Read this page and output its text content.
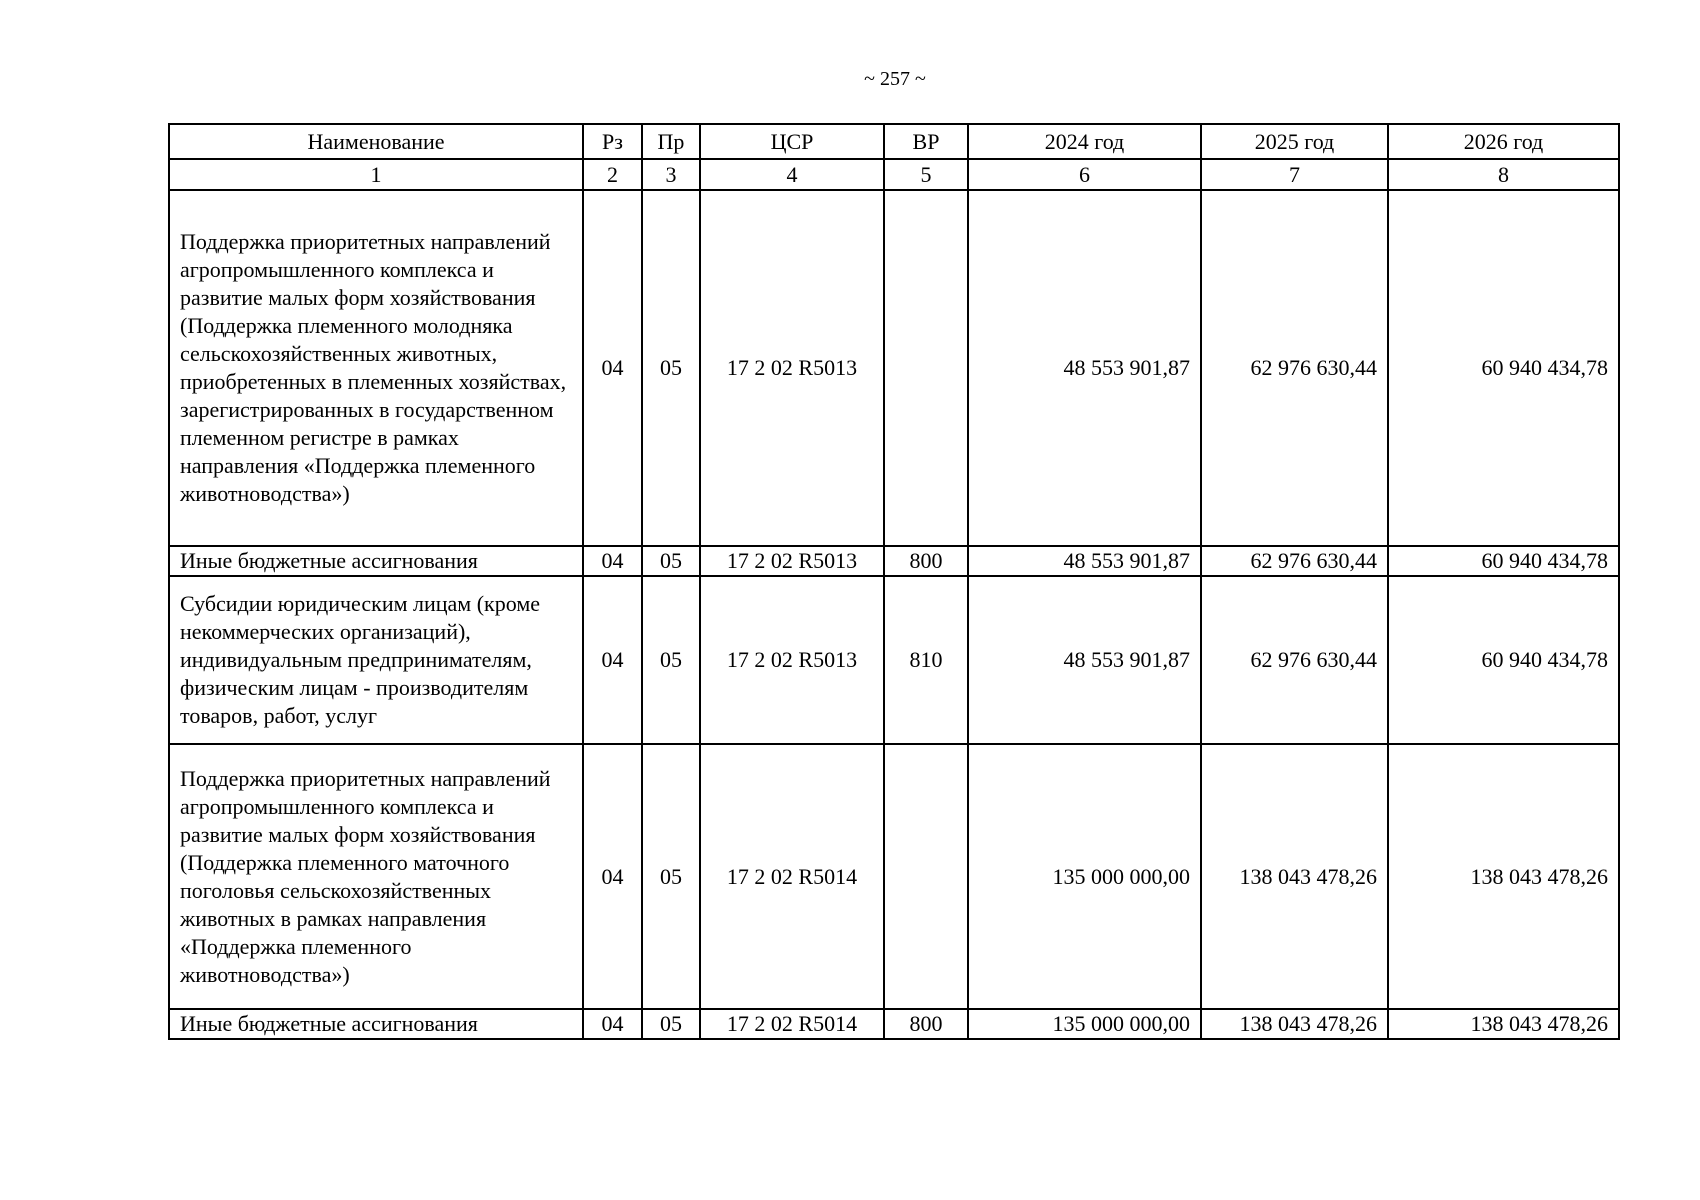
~ 257 ~
Наименование	Рз	Пр	ЦСР	ВР	2024 год	2025 год	2026 год
1	2	3	4	5	6	7	8
Поддержка приоритетных направлений агропромышленного комплекса и развитие малых форм хозяйствования (Поддержка племенного молодняка сельскохозяйственных животных, приобретенных в племенных хозяйствах, зарегистрированных в государственном племенном регистре в рамках направления «Поддержка племенного животноводства»)	04	05	17 2 02 R5013		48 553 901,87	62 976 630,44	60 940 434,78
Иные бюджетные ассигнования	04	05	17 2 02 R5013	800	48 553 901,87	62 976 630,44	60 940 434,78
Субсидии юридическим лицам (кроме некоммерческих организаций), индивидуальным предпринимателям, физическим лицам - производителям товаров, работ, услуг	04	05	17 2 02 R5013	810	48 553 901,87	62 976 630,44	60 940 434,78
Поддержка приоритетных направлений агропромышленного комплекса и развитие малых форм хозяйствования (Поддержка племенного маточного поголовья сельскохозяйственных животных в рамках направления «Поддержка племенного животноводства»)	04	05	17 2 02 R5014		135 000 000,00	138 043 478,26	138 043 478,26
Иные бюджетные ассигнования	04	05	17 2 02 R5014	800	135 000 000,00	138 043 478,26	138 043 478,26
